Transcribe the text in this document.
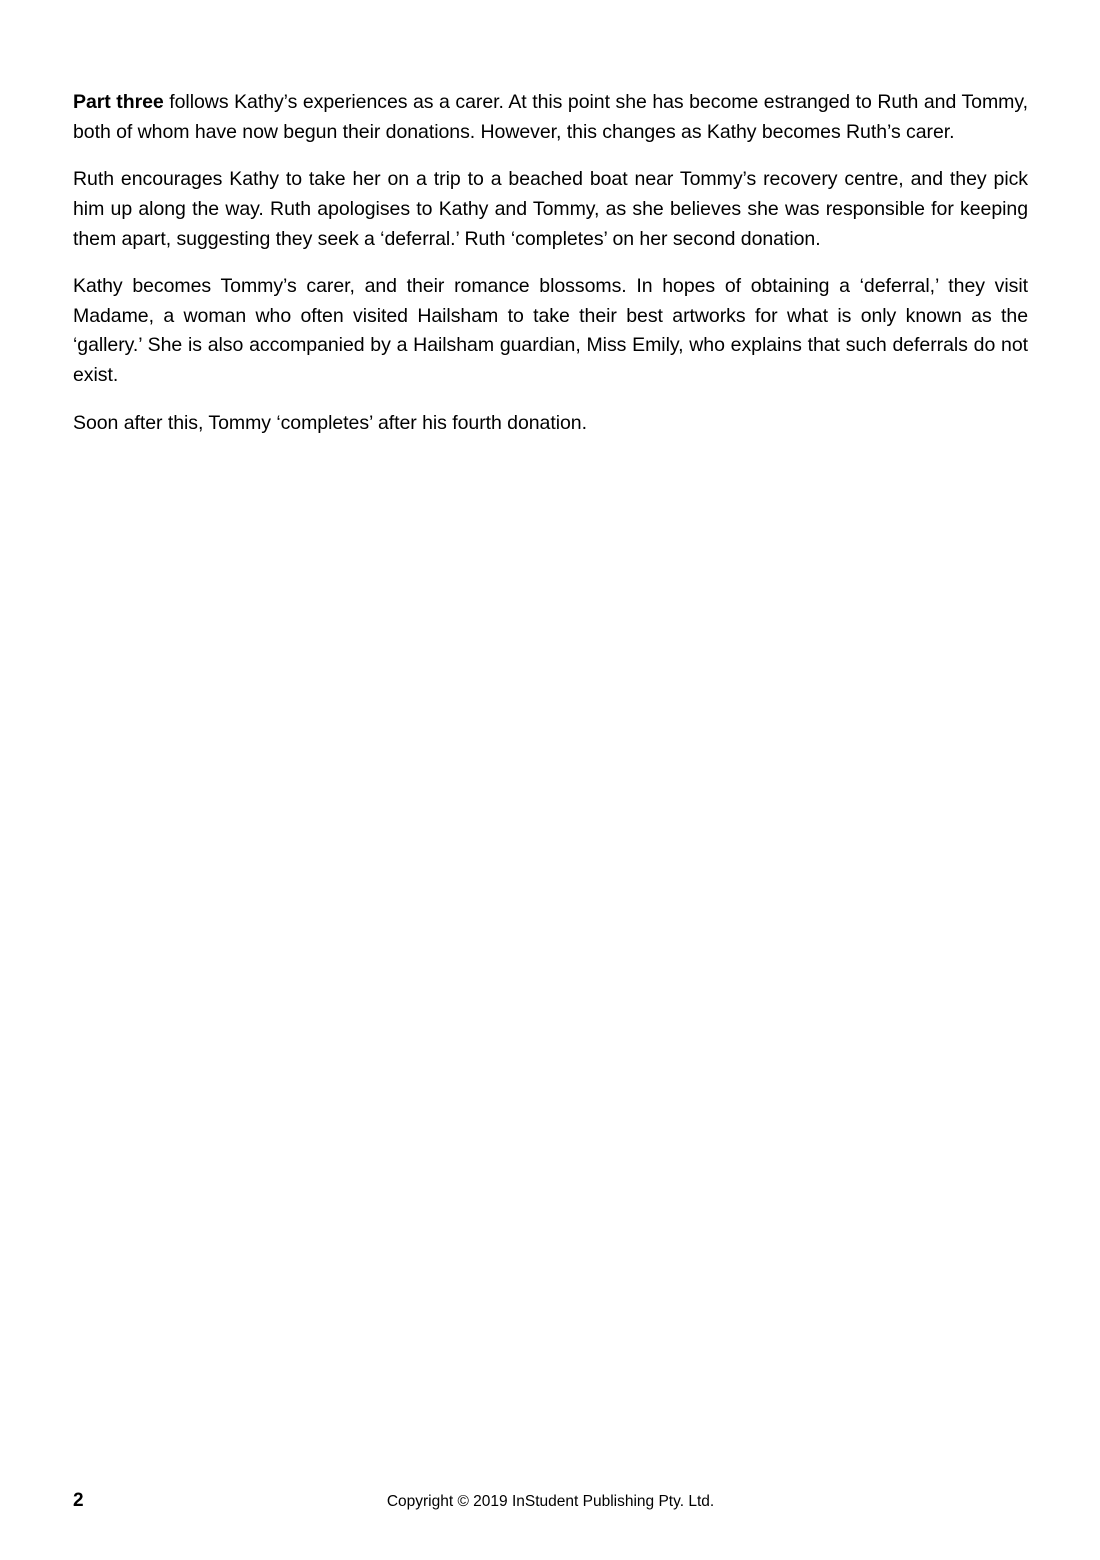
Part three follows Kathy’s experiences as a carer. At this point she has become estranged to Ruth and Tommy, both of whom have now begun their donations. However, this changes as Kathy becomes Ruth’s carer.

Ruth encourages Kathy to take her on a trip to a beached boat near Tommy’s recovery centre, and they pick him up along the way. Ruth apologises to Kathy and Tommy, as she believes she was responsible for keeping them apart, suggesting they seek a ‘deferral.’ Ruth ‘completes’ on her second donation.

Kathy becomes Tommy’s carer, and their romance blossoms. In hopes of obtaining a ‘deferral,’ they visit Madame, a woman who often visited Hailsham to take their best artworks for what is only known as the ‘gallery.’ She is also accompanied by a Hailsham guardian, Miss Emily, who explains that such deferrals do not exist.

Soon after this, Tommy ‘completes’ after his fourth donation.

2	Copyright © 2019 InStudent Publishing Pty. Ltd.
